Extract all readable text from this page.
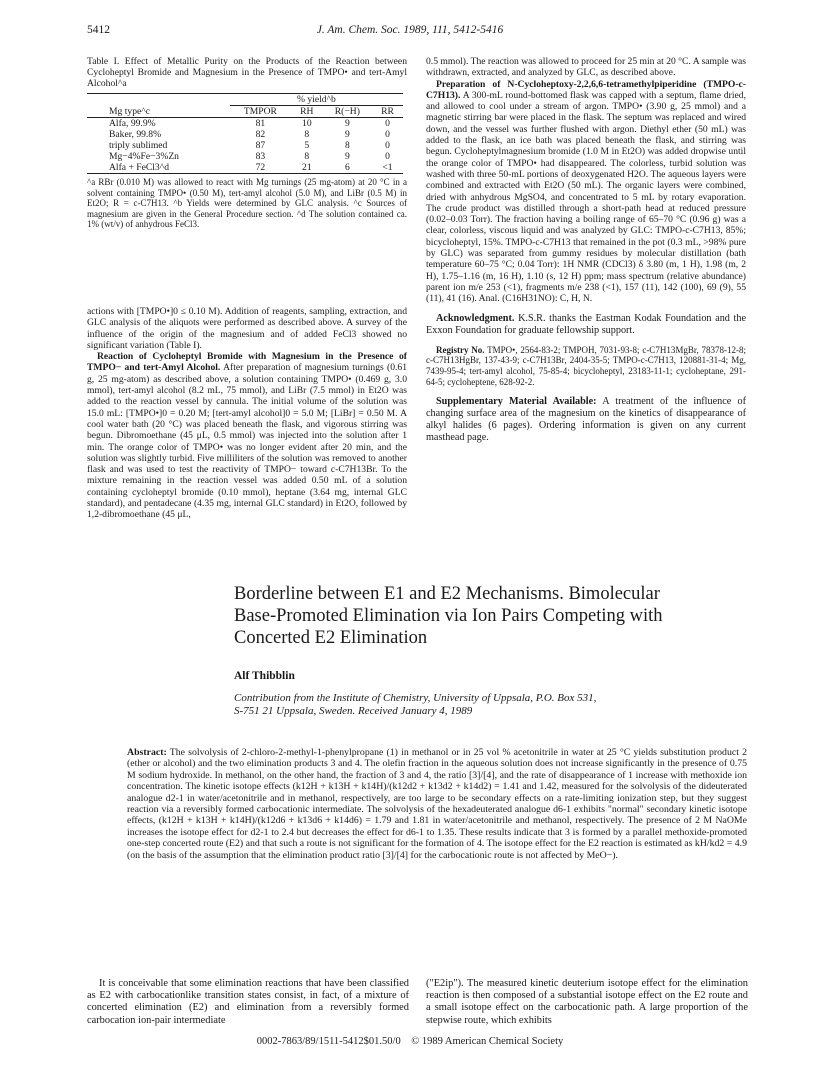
5412	J. Am. Chem. Soc. 1989, 111, 5412-5416
Table I. Effect of Metallic Purity on the Products of the Reaction between Cycloheptyl Bromide and Magnesium in the Presence of TMPO• and tert-Amyl Alcohol^a
	% yield^b			
Mg type^c	TMPOR	RH	R(−H)	RR
Alfa, 99.9%	81	10	9	0
Baker, 99.8%	82	8	9	0
triply sublimed	87	5	8	0
Mg−4%Fe−3%Zn	83	8	9	0
Alfa + FeCl3^d	72	21	6	<1
^a RBr (0.010 M) was allowed to react with Mg turnings (25 mg-atom) at 20 °C in a solvent containing TMPO• (0.50 M), tert-amyl alcohol (5.0 M), and LiBr (0.5 M) in Et2O; R = c-C7H13. ^b Yields were determined by GLC analysis. ^c Sources of magnesium are given in the General Procedure section. ^d The solution contained ca. 1% (wt/v) of anhydrous FeCl3.

actions with [TMPO•]0 ≤ 0.10 M). Addition of reagents, sampling, extraction, and GLC analysis of the aliquots were performed as described above. A survey of the influence of the origin of the magnesium and of added FeCl3 showed no significant variation (Table I).

Reaction of Cycloheptyl Bromide with Magnesium in the Presence of TMPO− and tert-Amyl Alcohol. After preparation of magnesium turnings (0.61 g, 25 mg-atom) as described above, a solution containing TMPO• (0.469 g, 3.0 mmol), tert-amyl alcohol (8.2 mL, 75 mmol), and LiBr (7.5 mmol) in Et2O was added to the reaction vessel by cannula. The initial volume of the solution was 15.0 mL: [TMPO•]0 = 0.20 M; [tert-amyl alcohol]0 = 5.0 M; [LiBr] = 0.50 M. A cool water bath (20 °C) was placed beneath the flask, and vigorous stirring was begun. Dibromoethane (45 μL, 0.5 mmol) was injected into the solution after 1 min. The orange color of TMPO• was no longer evident after 20 min, and the solution was slightly turbid. Five milliliters of the solution was removed to another flask and was used to test the reactivity of TMPO− toward c-C7H13Br. To the mixture remaining in the reaction vessel was added 0.50 mL of a solution containing cycloheptyl bromide (0.10 mmol), heptane (3.64 mg, internal GLC standard), and pentadecane (4.35 mg, internal GLC standard) in Et2O, followed by 1,2-dibromoethane (45 μL,

0.5 mmol). The reaction was allowed to proceed for 25 min at 20 °C. A sample was withdrawn, extracted, and analyzed by GLC, as described above.

Preparation of N-Cycloheptoxy-2,2,6,6-tetramethylpiperidine (TMPO-c-C7H13). A 300-mL round-bottomed flask was capped with a septum, flame dried, and allowed to cool under a stream of argon. TMPO• (3.90 g, 25 mmol) and a magnetic stirring bar were placed in the flask. The septum was replaced and wired down, and the vessel was further flushed with argon. Diethyl ether (50 mL) was added to the flask, an ice bath was placed beneath the flask, and stirring was begun. Cycloheptylmagnesium bromide (1.0 M in Et2O) was added dropwise until the orange color of TMPO• had disappeared. The colorless, turbid solution was washed with three 50-mL portions of deoxygenated H2O. The aqueous layers were combined and extracted with Et2O (50 mL). The organic layers were combined, dried with anhydrous MgSO4, and concentrated to 5 mL by rotary evaporation. The crude product was distilled through a short-path head at reduced pressure (0.02–0.03 Torr). The fraction having a boiling range of 65–70 °C (0.96 g) was a clear, colorless, viscous liquid and was analyzed by GLC: TMPO-c-C7H13, 85%; bicycloheptyl, 15%. TMPO-c-C7H13 that remained in the pot (0.3 mL, >98% pure by GLC) was separated from gummy residues by molecular distillation (bath temperature 60–75 °C; 0.04 Torr): 1H NMR (CDCl3) δ 3.80 (m, 1 H), 1.98 (m, 2 H), 1.75–1.16 (m, 16 H), 1.10 (s, 12 H) ppm; mass spectrum (relative abundance) parent ion m/e 253 (<1), fragments m/e 238 (<1), 157 (11), 142 (100), 69 (9), 55 (11), 41 (16). Anal. (C16H31NO): C, H, N.

Acknowledgment. K.S.R. thanks the Eastman Kodak Foundation and the Exxon Foundation for graduate fellowship support.

Registry No. TMPO•, 2564-83-2; TMPOH, 7031-93-8; c-C7H13MgBr, 78378-12-8; c-C7H13HgBr, 137-43-9; c-C7H13Br, 2404-35-5; TMPO-c-C7H13, 120881-31-4; Mg, 7439-95-4; tert-amyl alcohol, 75-85-4; bicycloheptyl, 23183-11-1; cycloheptane, 291-64-5; cycloheptene, 628-92-2.

Supplementary Material Available: A treatment of the influence of changing surface area of the magnesium on the kinetics of disappearance of alkyl halides (6 pages). Ordering information is given on any current masthead page.

Borderline between E1 and E2 Mechanisms. Bimolecular
Base-Promoted Elimination via Ion Pairs Competing with
Concerted E2 Elimination
Alf Thibblin
Contribution from the Institute of Chemistry, University of Uppsala, P.O. Box 531,
S-751 21 Uppsala, Sweden. Received January 4, 1989
Abstract: The solvolysis of 2-chloro-2-methyl-1-phenylpropane (1) in methanol or in 25 vol % acetonitrile in water at 25 °C yields substitution product 2 (ether or alcohol) and the two elimination products 3 and 4. The olefin fraction in the aqueous solution does not increase significantly in the presence of 0.75 M sodium hydroxide. In methanol, on the other hand, the fraction of 3 and 4, the ratio [3]/[4], and the rate of disappearance of 1 increase with methoxide ion concentration. The kinetic isotope effects (k12H + k13H + k14H)/(k12d2 + k13d2 + k14d2) = 1.41 and 1.42, measured for the solvolysis of the dideuterated analogue d2-1 in water/acetonitrile and in methanol, respectively, are too large to be secondary effects on a rate-limiting ionization step, but they suggest reaction via a reversibly formed carbocationic intermediate. The solvolysis of the hexadeuterated analogue d6-1 exhibits "normal" secondary kinetic isotope effects, (k12H + k13H + k14H)/(k12d6 + k13d6 + k14d6) = 1.79 and 1.81 in water/acetonitrile and methanol, respectively. The presence of 2 M NaOMe increases the isotope effect for d2-1 to 2.4 but decreases the effect for d6-1 to 1.35. These results indicate that 3 is formed by a parallel methoxide-promoted one-step concerted route (E2) and that such a route is not significant for the formation of 4. The isotope effect for the E2 reaction is estimated as kH/kd2 = 4.9 (on the basis of the assumption that the elimination product ratio [3]/[4] for the carbocationic route is not affected by MeO−).

It is conceivable that some elimination reactions that have been classified as E2 with carbocationlike transition states consist, in fact, of a mixture of concerted elimination (E2) and elimination from a reversibly formed carbocation ion-pair intermediate

("E2ip"). The measured kinetic deuterium isotope effect for the elimination reaction is then composed of a substantial isotope effect on the E2 route and a small isotope effect on the carbocationic path. A large proportion of the stepwise route, which exhibits

0002-7863/89/1511-5412$01.50/0 © 1989 American Chemical Society
